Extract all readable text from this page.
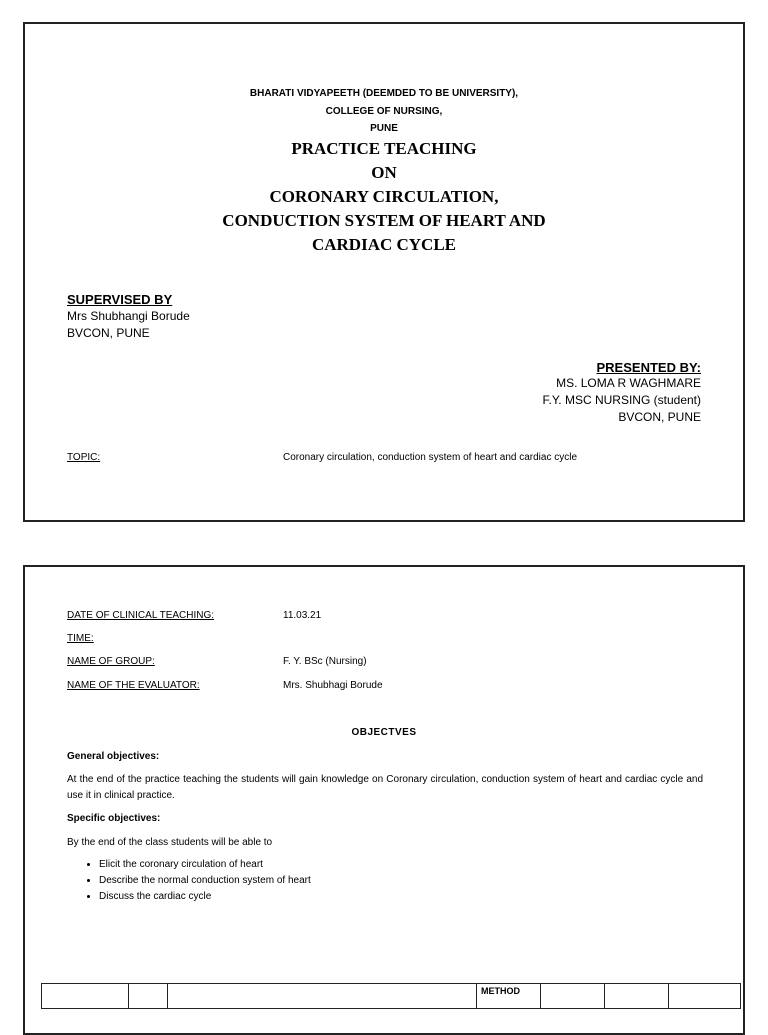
BHARATI VIDYAPEETH (DEEMDED TO BE UNIVERSITY),
COLLEGE OF NURSING,
PUNE
PRACTICE TEACHING
ON
CORONARY CIRCULATION,
CONDUCTION SYSTEM OF HEART AND
CARDIAC CYCLE
SUPERVISED BY
Mrs Shubhangi Borude
BVCON, PUNE
PRESENTED BY:
MS. LOMA R WAGHMARE
F.Y. MSC NURSING (student)
BVCON, PUNE
TOPIC:	Coronary circulation, conduction system of heart and cardiac cycle
DATE OF CLINICAL TEACHING:	11.03.21
TIME:
NAME OF GROUP:	F. Y. BSc (Nursing)
NAME OF THE EVALUATOR:	Mrs. Shubhagi Borude
OBJECTVES
General objectives:
At the end of the practice teaching the students will gain knowledge on Coronary circulation, conduction system of heart and cardiac cycle and use it in clinical practice.
Specific objectives:
By the end of the class students will be able to
• Elicit the coronary circulation of heart
• Describe the normal conduction system of heart
• Discuss the cardiac cycle
			METHOD			
